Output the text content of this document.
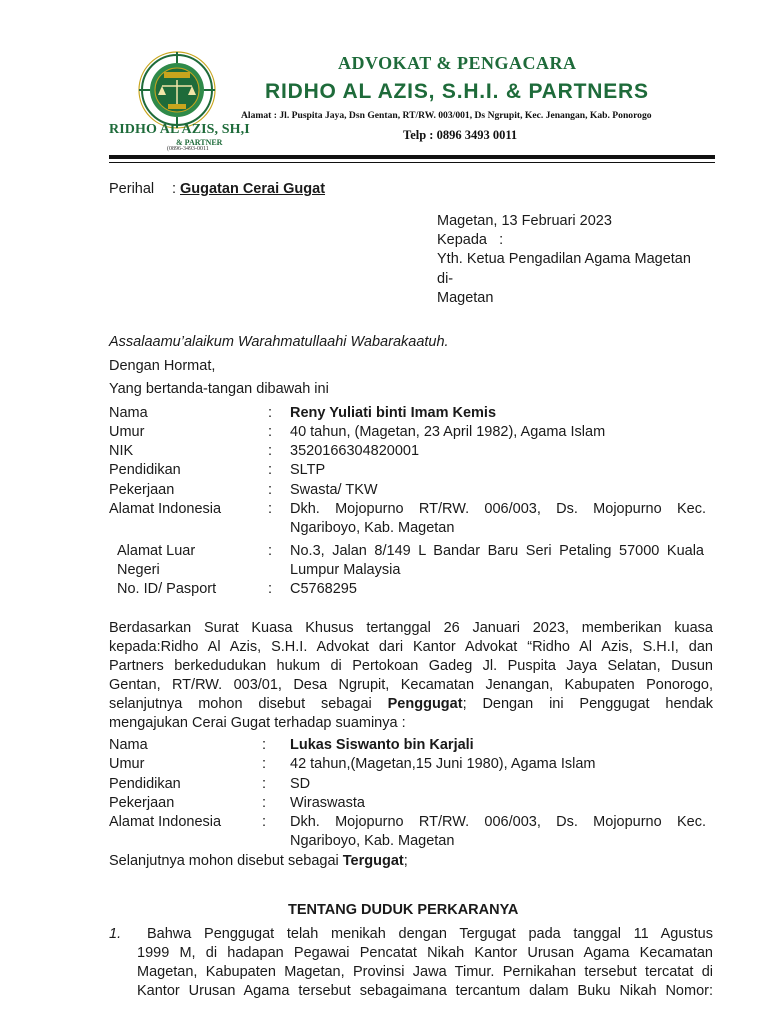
RIDHO AL AZIS, SH,I
& PARTNER
(0896-3493-0011
ADVOKAT & PENGACARA
RIDHO AL AZIS, S.H.I. & PARTNERS
Alamat : Jl. Puspita Jaya, Dsn Gentan, RT/RW. 003/001, Ds Ngrupit, Kec. Jenangan, Kab. Ponorogo
Telp : 0896 3493 0011
Perihal : Gugatan Cerai Gugat
Magetan, 13 Februari 2023
Kepada   :
Yth. Ketua Pengadilan Agama Magetan
di-
Magetan
Assalaamu’alaikum Warahmatullaahi Wabarakaatuh.
Dengan Hormat,
Yang bertanda-tangan dibawah ini
Nama	: Reny Yuliati binti Imam Kemis
Umur	: 40 tahun, (Magetan, 23 April 1982), Agama Islam
NIK	: 3520166304820001
Pendidikan	: SLTP
Pekerjaan	: Swasta/ TKW
Alamat Indonesia	: Dkh. Mojopurno RT/RW. 006/003, Ds. Mojopurno Kec.
Ngariboyo, Kab. Magetan
Alamat Luar
Negeri
: No.3, Jalan 8/149 L Bandar Baru Seri Petaling 57000 Kuala
Lumpur Malaysia
No. ID/ Pasport	: C5768295
Berdasarkan Surat Kuasa Khusus tertanggal 26 Januari 2023, memberikan kuasa
kepada:Ridho Al Azis, S.H.I. Advokat dari Kantor Advokat “Ridho Al Azis, S.H.I, dan
Partners berkedudukan hukum di Pertokoan Gadeg Jl. Puspita Jaya Selatan, Dusun
Gentan, RT/RW. 003/01, Desa Ngrupit, Kecamatan Jenangan, Kabupaten Ponorogo,
selanjutnya mohon disebut sebagai Penggugat; Dengan ini Penggugat hendak
mengajukan Cerai Gugat terhadap suaminya :
Nama	: Lukas Siswanto bin Karjali
Umur	: 42 tahun,(Magetan,15 Juni 1980), Agama Islam
Pendidikan	: SD
Pekerjaan	: Wiraswasta
Alamat Indonesia	: Dkh. Mojopurno RT/RW. 006/003, Ds. Mojopurno Kec.
Ngariboyo, Kab. Magetan
Selanjutnya mohon disebut sebagai Tergugat;
TENTANG DUDUK PERKARANYA
1. Bahwa Penggugat telah menikah dengan Tergugat pada tanggal 11 Agustus
1999 M, di hadapan Pegawai Pencatat Nikah Kantor Urusan Agama Kecamatan
Magetan, Kabupaten Magetan, Provinsi Jawa Timur. Pernikahan tersebut tercatat di
Kantor Urusan Agama tersebut sebagaimana tercantum dalam Buku Nikah Nomor:
